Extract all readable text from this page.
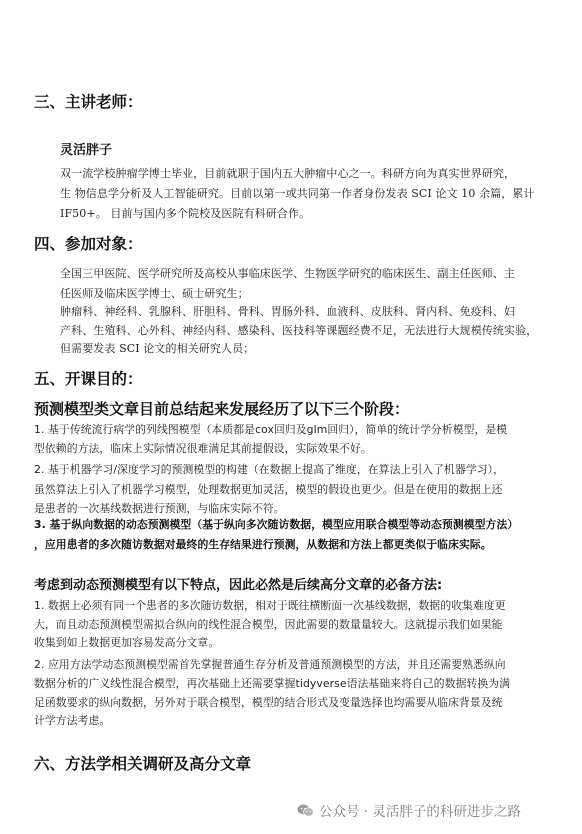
三、主讲老师：
灵活胖子
双一流学校肿瘤学博士毕业，目前就职于国内五大肿瘤中心之一。科研方向为真实世界研究，
生 物信息学分析及人工智能研究。目前以第一或共同第一作者身份发表 SCI 论文 10 余篇，累计
IF50+。 目前与国内多个院校及医院有科研合作。
四、参加对象：
全国三甲医院、医学研究所及高校从事临床医学、生物医学研究的临床医生、副主任医师、主
任医师及临床医学博士、硕士研究生；
肿瘤科、神经科、乳腺科、肝胆科、骨科、胃肠外科、血液科、皮肤科、肾内科、免疫科、妇
产科、生殖科、心外科、神经内科、感染科、医技科等课题经费不足，无法进行大规模传统实验，
但需要发表 SCI 论文的相关研究人员；
五、开课目的：
预测模型类文章目前总结起来发展经历了以下三个阶段：
1. 基于传统流行病学的列线图模型（本质都是cox回归及glm回归），简单的统计学分析模型，是模
型依赖的方法，临床上实际情况很难满足其前提假设，实际效果不好。
2. 基于机器学习/深度学习的预测模型的构建（在数据上提高了维度，在算法上引入了机器学习），
虽然算法上引入了机器学习模型，处理数据更加灵活，模型的假设也更少。但是在使用的数据上还
是患者的一次基线数据进行预测，与临床实际不符。
3. 基于纵向数据的动态预测模型（基于纵向多次随访数据，模型应用联合模型等动态预测模型方法）
，应用患者的多次随访数据对最终的生存结果进行预测，从数据和方法上都更类似于临床实际。
考虑到动态预测模型有以下特点，因此必然是后续高分文章的必备方法:
1. 数据上必须有同一个患者的多次随访数据，相对于既往横断面一次基线数据，数据的收集难度更
大，而且动态预测模型需拟合纵向的线性混合模型，因此需要的数量量较大。这就提示我们如果能
收集到如上数据更加容易发高分文章。
2. 应用方法学动态预测模型需首先掌握普通生存分析及普通预测模型的方法，并且还需要熟悉纵向
数据分析的广义线性混合模型，再次基础上还需要掌握tidyverse语法基础来将自己的数据转换为满
足函数要求的纵向数据，另外对于联合模型，模型的结合形式及变量选择也均需要从临床背景及统
计学方法考虑。
六、方法学相关调研及高分文章
公众号 · 灵活胖子的科研进步之路
